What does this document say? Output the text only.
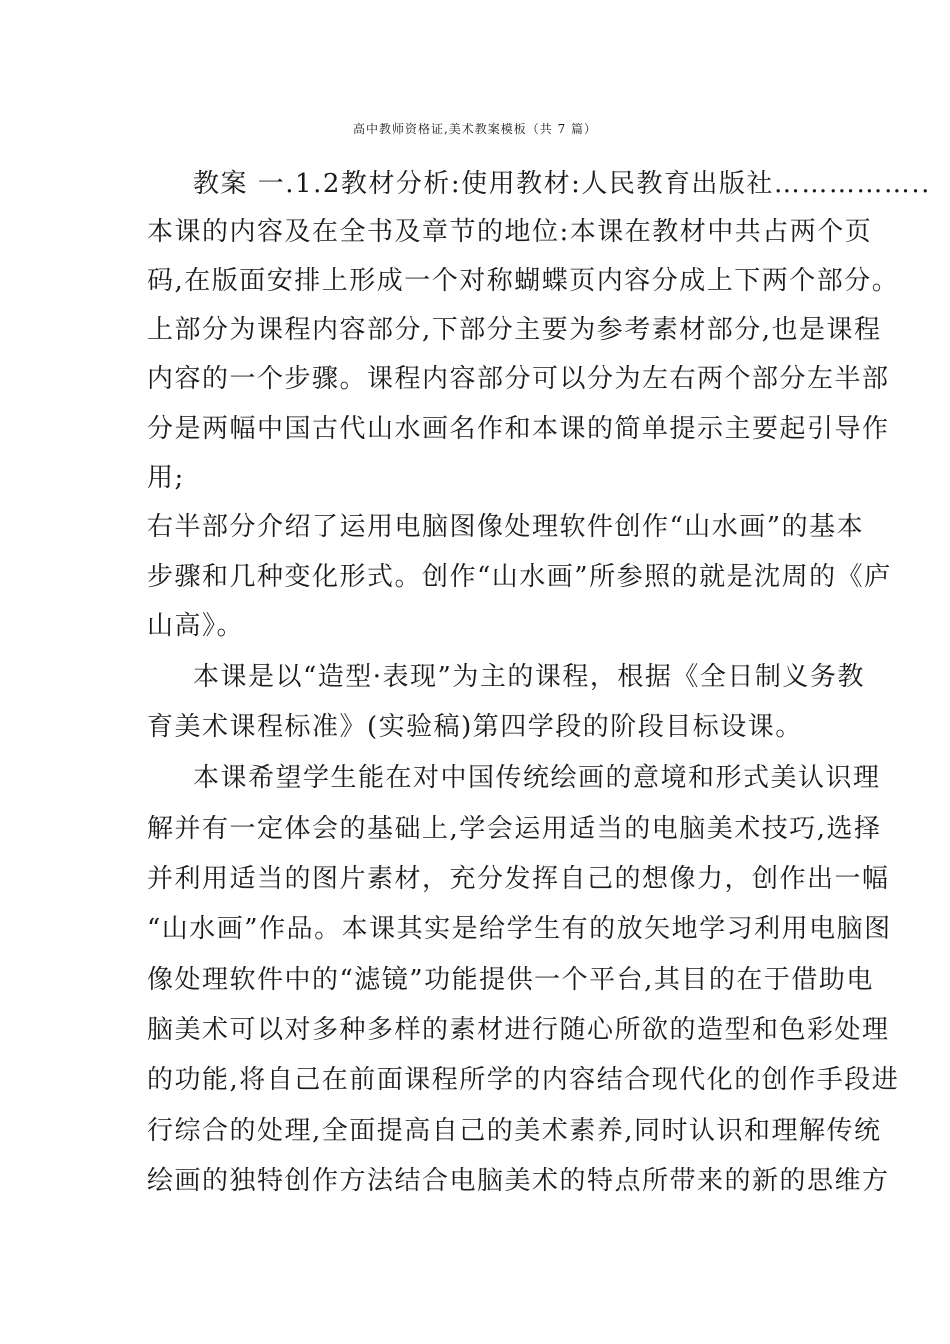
高中教师资格证,美术教案模板（共 7 篇）
教案 一.1.2教材分析:使用教材:人民教育出版社……………..
本课的内容及在全书及章节的地位:本课在教材中共占两个页
码,在版面安排上形成一个对称蝴蝶页内容分成上下两个部分。
上部分为课程内容部分,下部分主要为参考素材部分,也是课程
内容的一个步骤。课程内容部分可以分为左右两个部分左半部
分是两幅中国古代山水画名作和本课的简单提示主要起引导作
用;
右半部分介绍了运用电脑图像处理软件创作“山水画”的基本
步骤和几种变化形式。创作“山水画”所参照的就是沈周的《庐
山高》。
本课是以“造型·表现”为主的课程，根据《全日制义务教
育美术课程标准》(实验稿)第四学段的阶段目标设课。
本课希望学生能在对中国传统绘画的意境和形式美认识理
解并有一定体会的基础上,学会运用适当的电脑美术技巧,选择
并利用适当的图片素材，充分发挥自己的想像力，创作出一幅
“山水画”作品。本课其实是给学生有的放矢地学习利用电脑图
像处理软件中的“滤镜”功能提供一个平台,其目的在于借助电
脑美术可以对多种多样的素材进行随心所欲的造型和色彩处理
的功能,将自己在前面课程所学的内容结合现代化的创作手段进
行综合的处理,全面提高自己的美术素养,同时认识和理解传统
绘画的独特创作方法结合电脑美术的特点所带来的新的思维方
